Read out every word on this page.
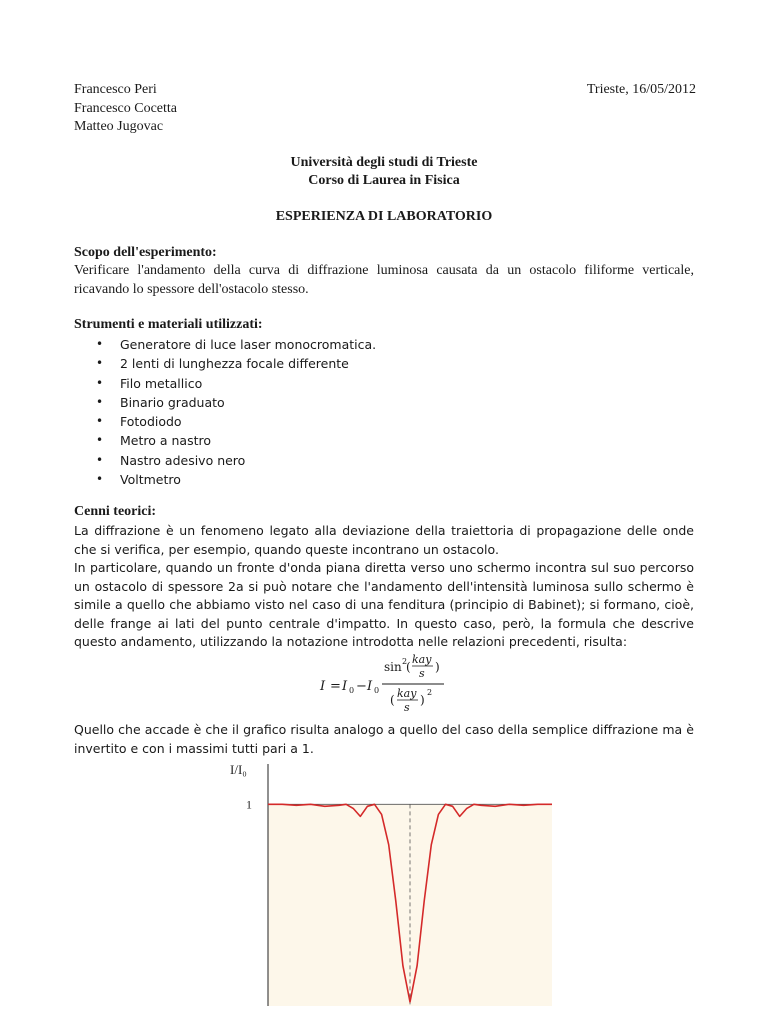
Francesco Peri
Francesco Cocetta
Matteo Jugovac
Trieste, 16/05/2012
Università degli studi di Trieste
Corso di Laurea in Fisica
ESPERIENZA DI LABORATORIO
Scopo dell'esperimento:

Verificare l'andamento della curva di diffrazione luminosa causata da un ostacolo filiforme verticale, ricavando lo spessore dell'ostacolo stesso.

Strumenti e materiali utilizzati:
• Generatore di luce laser monocromatica.
• 2 lenti di lunghezza focale differente
• Filo metallico
• Binario graduato
• Fotodiodo
• Metro a nastro
• Nastro adesivo nero
• Voltmetro
Cenni teorici:

La diffrazione è un fenomeno legato alla deviazione della traiettoria di propagazione delle onde che si verifica, per esempio, quando queste incontrano un ostacolo.

In particolare, quando un fronte d'onda piana diretta verso uno schermo incontra sul suo percorso un ostacolo di spessore 2a si può notare che l'andamento dell'intensità luminosa sullo schermo è simile a quello che abbiamo visto nel caso di una fenditura (principio di Babinet); si formano, cioè, delle frange ai lati del punto centrale d'impatto. In questo caso, però, la formula che descrive questo andamento, utilizzando la notazione introdotta nelle relazioni precedenti, risulta:

I = I 0 − I 0
sin 2
(
kay
s )
( kay
s
)
2

Quello che accade è che il grafico risulta analogo a quello del caso della semplice diffrazione ma è invertito e con i massimi tutti pari a 1.

I/I₀
1
